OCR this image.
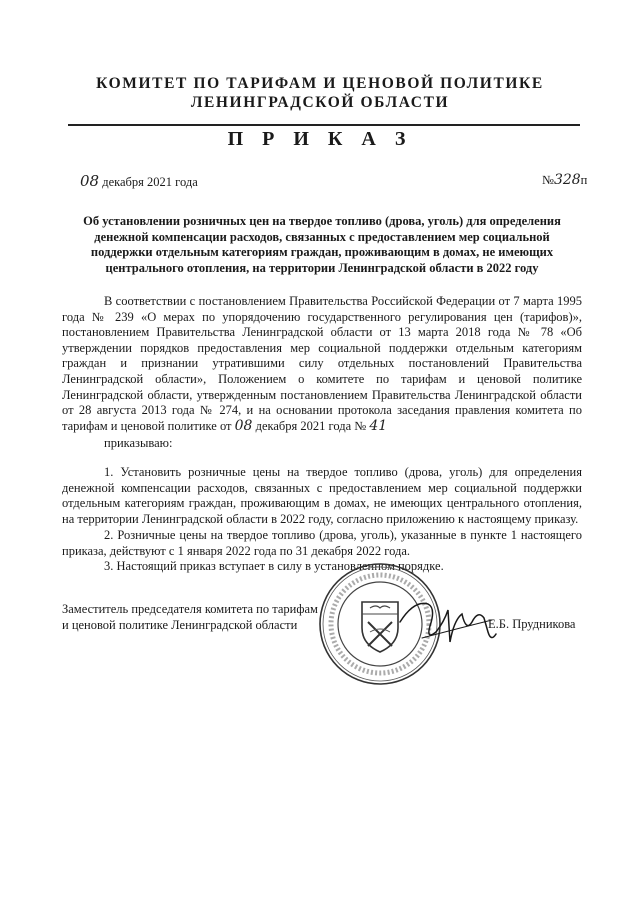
КОМИТЕТ ПО ТАРИФАМ И ЦЕНОВОЙ ПОЛИТИКЕ
ЛЕНИНГРАДСКОЙ ОБЛАСТИ
П Р И К А З
08 декабря 2021 года	№328п
Об установлении розничных цен на твердое топливо (дрова, уголь) для определения денежной компенсации расходов, связанных с предоставлением мер социальной поддержки отдельным категориям граждан, проживающим в домах, не имеющих центрального отопления, на территории Ленинградской области в 2022 году

В соответствии с постановлением Правительства Российской Федерации от 7 марта 1995 года № 239 «О мерах по упорядочению государственного регулирования цен (тарифов)», постановлением Правительства Ленинградской области от 13 марта 2018 года № 78 «Об утверждении порядков предоставления мер социальной поддержки отдельным категориям граждан и признании утратившими силу отдельных постановлений Правительства Ленинградской области», Положением о комитете по тарифам и ценовой политике Ленинградской области, утвержденным постановлением Правительства Ленинградской области от 28 августа 2013 года № 274, и на основании протокола заседания правления комитета по тарифам и ценовой политике от 08 декабря 2021 года № 41

приказываю:

1. Установить розничные цены на твердое топливо (дрова, уголь) для определения денежной компенсации расходов, связанных с предоставлением мер социальной поддержки отдельным категориям граждан, проживающим в домах, не имеющих центрального отопления, на территории Ленинградской области в 2022 году, согласно приложению к настоящему приказу.

2. Розничные цены на твердое топливо (дрова, уголь), указанные в пункте 1 настоящего приказа, действуют с 1 января 2022 года по 31 декабря 2022 года.

3. Настоящий приказ вступает в силу в установленном порядке.

Заместитель председателя комитета по тарифам
и ценовой политике Ленинградской области	Е.Б. Прудникова
